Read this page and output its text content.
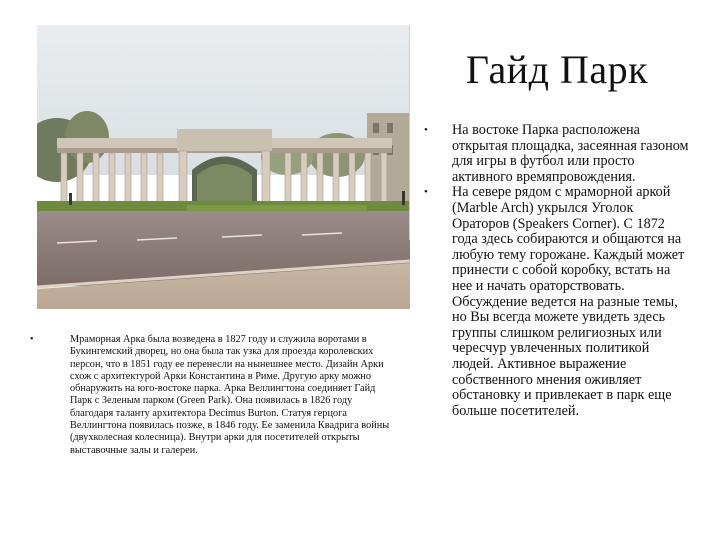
Гайд Парк
•	Мраморная Арка была возведена в 1827 году и служила воротами в Букингемский дворец, но она была так узка для проезда королевских персон, что в 1851 году ее перенесли на нынешнее место. Дизайн Арки схож с архитектурой Арки Константина в Риме. Другую арку можно обнаружить на юго-востоке парка. Арка Веллингтона соединяет Гайд Парк с Зеленым парком (Green Park). Она появилась в 1826 году благодаря таланту архитектора Decimus Burton. Статуя герцога Веллингтона появилась позже, в 1846 году. Ее заменила Квадрига войны (двухколесная колесница). Внутри арки для посетителей открыты выставочные залы и галереи.
• На востоке Парка расположена открытая площадка, засеянная газоном для игры в футбол или просто активного времяпровождения.
• На севере рядом с мраморной аркой (Marble Arch) укрылся Уголок Ораторов (Speakers Corner). С 1872 года здесь собираются и общаются на любую тему горожане. Каждый может принести с собой коробку, встать на нее и начать ораторствовать. Обсуждение ведется на разные темы, но Вы всегда можете увидеть здесь группы слишком религиозных или чересчур увлеченных политикой людей. Активное выражение собственного мнения оживляет обстановку и привлекает в парк еще больше посетителей.
